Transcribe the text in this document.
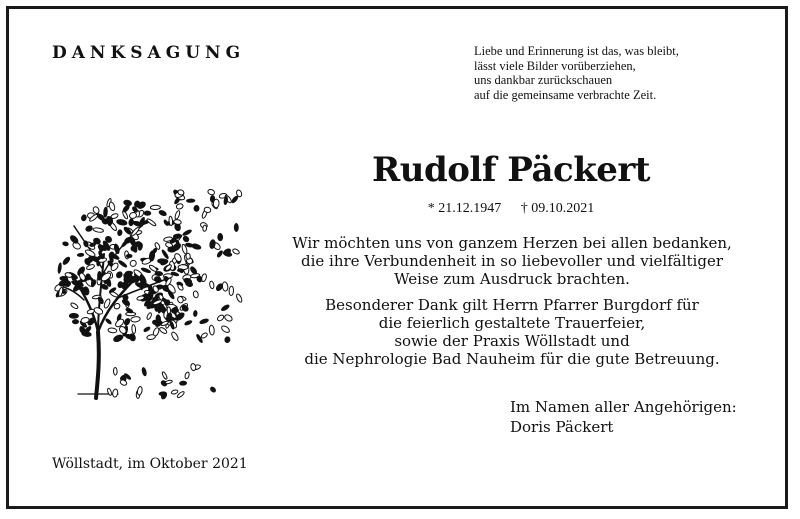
DANKSAGUNG	Liebe und Erinnerung ist das, was bleibt,
lässt viele Bilder vorüberziehen,
uns dankbar zurückschauen
auf die gemeinsame verbrachte Zeit.
Rudolf Päckert
* 21.12.1947 † 09.10.2021
Wir möchten uns von ganzem Herzen bei allen bedanken,
die ihre Verbundenheit in so liebevoller und vielfältiger
Weise zum Ausdruck brachten.
Besonderer Dank gilt Herrn Pfarrer Burgdorf für
die feierlich gestaltete Trauerfeier,
sowie der Praxis Wöllstadt und
die Nephrologie Bad Nauheim für die gute Betreuung.
Im Namen aller Angehörigen:
Doris Päckert
Wöllstadt, im Oktober 2021
